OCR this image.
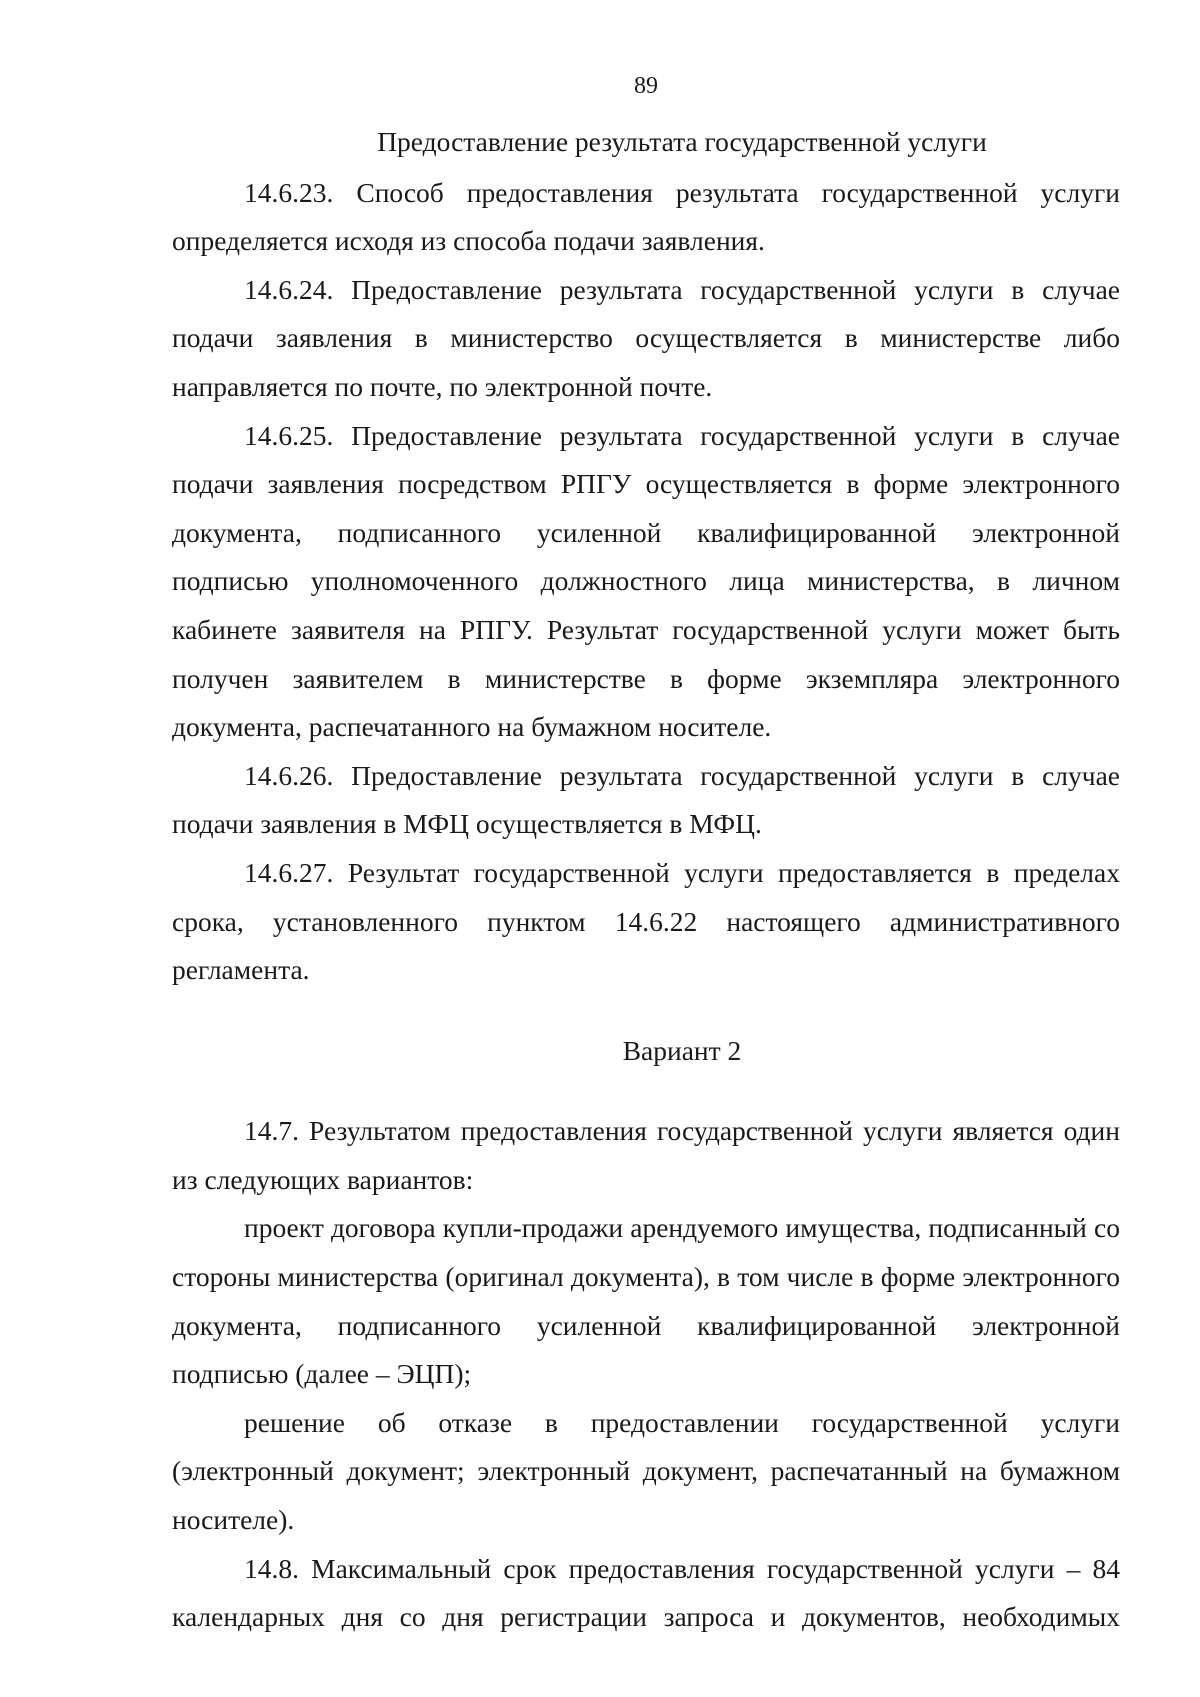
89

Предоставление результата государственной услуги

14.6.23. Способ предоставления результата государственной услуги определяется исходя из способа подачи заявления.

14.6.24. Предоставление результата государственной услуги в случае подачи заявления в министерство осуществляется в министерстве либо направляется по почте, по электронной почте.

14.6.25. Предоставление результата государственной услуги в случае подачи заявления посредством РПГУ осуществляется в форме электронного документа, подписанного усиленной квалифицированной электронной подписью уполномоченного должностного лица министерства, в личном кабинете заявителя на РПГУ. Результат государственной услуги может быть получен заявителем в министерстве в форме экземпляра электронного документа, распечатанного на бумажном носителе.

14.6.26. Предоставление результата государственной услуги в случае подачи заявления в МФЦ осуществляется в МФЦ.

14.6.27. Результат государственной услуги предоставляется в пределах срока, установленного пунктом 14.6.22 настоящего административного регламента.

Вариант 2

14.7. Результатом предоставления государственной услуги является один из следующих вариантов:

проект договора купли-продажи арендуемого имущества, подписанный со стороны министерства (оригинал документа), в том числе в форме электронного документа, подписанного усиленной квалифицированной электронной подписью (далее – ЭЦП);

решение об отказе в предоставлении государственной услуги (электронный документ; электронный документ, распечатанный на бумажном носителе).

14.8. Максимальный срок предоставления государственной услуги – 84 календарных дня со дня регистрации запроса и документов, необходимых
